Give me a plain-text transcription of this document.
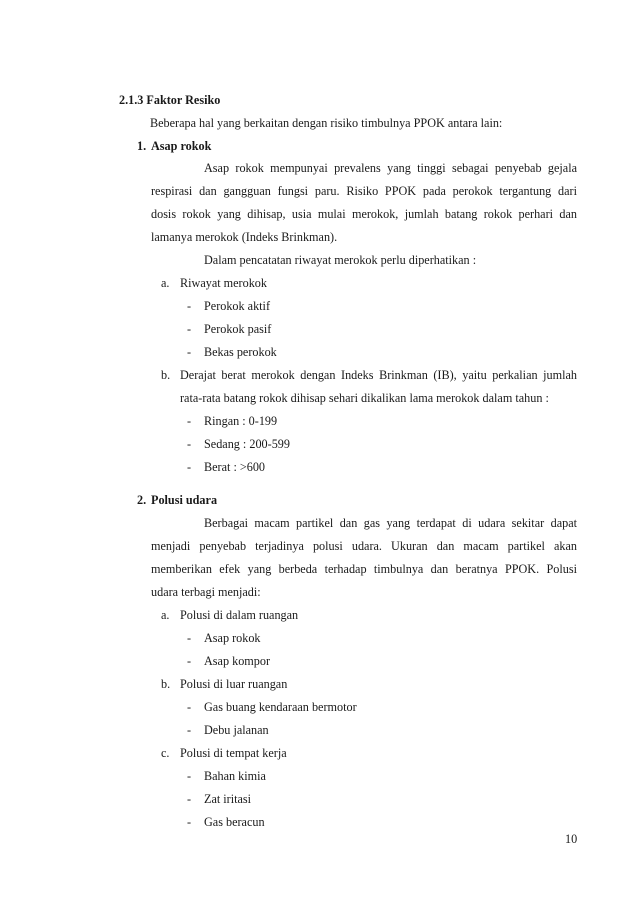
2.1.3 Faktor Resiko
Beberapa hal yang berkaitan dengan risiko timbulnya PPOK antara lain:
1. Asap rokok
Asap rokok mempunyai prevalens yang tinggi sebagai penyebab gejala
respirasi dan gangguan fungsi paru. Risiko PPOK pada perokok tergantung dari
dosis rokok yang dihisap, usia mulai merokok, jumlah batang rokok perhari dan
lamanya merokok (Indeks Brinkman).
Dalam pencatatan riwayat merokok perlu diperhatikan :
a. Riwayat merokok
- Perokok aktif
- Perokok pasif
- Bekas perokok
b. Derajat berat merokok dengan Indeks Brinkman (IB), yaitu perkalian jumlah
rata-rata batang rokok dihisap sehari dikalikan lama merokok dalam tahun :
- Ringan : 0-199
- Sedang : 200-599
- Berat : >600
2. Polusi udara
Berbagai macam partikel dan gas yang terdapat di udara sekitar dapat
menjadi penyebab terjadinya polusi udara. Ukuran dan macam partikel akan
memberikan efek yang berbeda terhadap timbulnya dan beratnya PPOK. Polusi
udara terbagi menjadi:
a. Polusi di dalam ruangan
- Asap rokok
- Asap kompor
b. Polusi di luar ruangan
- Gas buang kendaraan bermotor
- Debu jalanan
c. Polusi di tempat kerja
- Bahan kimia
- Zat iritasi
- Gas beracun
10
